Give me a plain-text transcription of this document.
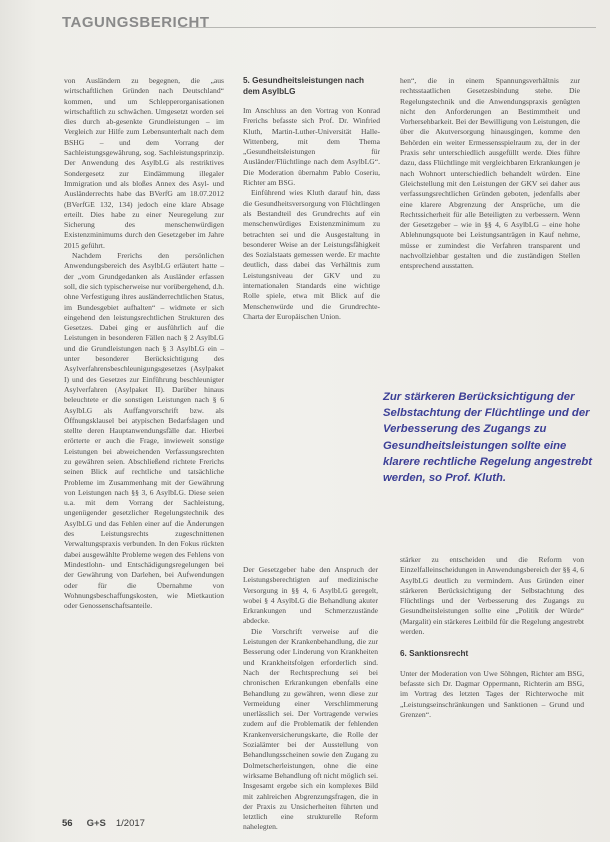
TAGUNGSBERICHT

von Ausländern zu begegnen, die „aus wirtschaftlichen Gründen nach Deutschland“ kommen, und um Schlepperorganisationen wirtschaftlich zu schwächen. Umgesetzt worden sei dies durch ab-gesenkte Grundleistungen – im Vergleich zur Hilfe zum Lebensunterhalt nach dem BSHG – und dem Vorrang der Sachleistungsgewährung, sog. Sachleistungsprinzip. Der Anwendung des AsylbLG als restriktives Sondergesetz zur Eindämmung illegaler Immigration und als bloßes Annex des Asyl- und Ausländerrechts habe das BVerfG am 18.07.2012 (BVerfGE 132, 134) jedoch eine klare Absage erteilt. Dies habe zu einer Neuregelung zur Sicherung des menschenwürdigen Existenzminimums durch den Gesetzgeber im Jahre 2015 geführt.

Nachdem Frerichs den persönlichen Anwendungsbereich des AsylbLG erläutert hatte – der „vom Grundgedanken als Ausländer erfassen soll, die sich typischerweise nur vorübergehend, d.h. ohne Verfestigung ihres ausländerrechtlichen Status, im Bundesgebiet aufhalten“ – widmete er sich eingehend den leistungsrechtlichen Strukturen des Gesetzes. Dabei ging er ausführlich auf die Leistungen in besonderen Fällen nach § 2 AsylbLG und die Grundleistungen nach § 3 AsylbLG ein – unter besonderer Berücksichtigung des Asylverfahrensbeschleunigungsgesetzes (Asylpaket I) und des Gesetzes zur Einführung beschleunigter Asylverfahren (Asylpaket II). Darüber hinaus beleuchtete er die sonstigen Leistungen nach § 6 AsylbLG als Auffangvorschrift bzw. als Öffnungsklausel bei atypischen Bedarfslagen und stellte deren Hauptanwendungsfälle dar. Hierbei erörterte er auch die Frage, inwieweit sonstige Leistungen bei abweichenden Verfassungsrechten zu gewähren seien. Abschließend richtete Frerichs seinen Blick auf rechtliche und tatsächliche Probleme im Zusammenhang mit der Gewährung von Leistungen nach §§ 3, 6 AsylbLG. Diese seien u.a. mit dem Vorrang der Sachleistung, ungenügender gesetzlicher Regelungstechnik des AsylbLG und das Fehlen einer auf die Änderungen des Leistungsrechts zugeschnittenen Verwaltungspraxis verbunden. In den Fokus rückten dabei ausgewählte Probleme wegen des Fehlens von Mindestlohn- und Entschädigungsregelungen bei der Gewährung von Darlehen, bei Aufwendungen oder für die Übernahme von Wohnungsbeschaffungskosten, wie Mietkaution oder Genossenschaftsanteile.

5. Gesundheitsleistungen nach dem AsylbLG

Im Anschluss an den Vortrag von Konrad Frerichs befasste sich Prof. Dr. Winfried Kluth, Martin-Luther-Universität Halle-Wittenberg, mit dem Thema „Gesundheitsleistungen für Ausländer/Flüchtlinge nach dem AsylbLG“. Die Moderation übernahm Pablo Coseriu, Richter am BSG.

Einführend wies Kluth darauf hin, dass die Gesundheitsversorgung von Flüchtlingen als Bestandteil des Grundrechts auf ein menschenwürdiges Existenzminimum zu betrachten sei und die Ausgestaltung in besonderer Weise an der Leistungsfähigkeit des Sozialstaats gemessen werde. Er machte deutlich, dass dabei das Verhältnis zum Leistungsniveau der GKV und zu internationalen Standards eine wichtige Rolle spiele, etwa mit Blick auf die Menschenwürde und die Grundrechte-Charta der Europäischen Union.

Der Gesetzgeber habe den Anspruch der Leistungsberechtigten auf medizinische Versorgung in §§ 4, 6 AsylbLG geregelt, wobei § 4 AsylbLG die Behandlung akuter Erkrankungen und Schmerzzustände abdecke.

Die Vorschrift verweise auf die Leistungen der Krankenbehandlung, die zur Besserung oder Linderung von Krankheiten und Krankheitsfolgen erforderlich sind. Nach der Rechtsprechung sei bei chronischen Erkrankungen ebenfalls eine Behandlung zu gewähren, wenn diese zur Vermeidung einer Verschlimmerung unerlässlich sei. Der Vortragende verwies zudem auf die Problematik der fehlenden Krankenversicherungskarte, die Rolle der Sozialämter bei der Ausstellung von Behandlungsscheinen sowie den Zugang zu Dolmetscherleistungen, ohne die eine wirksame Behandlung oft nicht möglich sei. Insgesamt ergebe sich ein komplexes Bild mit zahlreichen Abgrenzungsfragen, die in der Praxis zu Unsicherheiten führten und letztlich eine strukturelle Reform nahelegten.

hen“, die in einem Spannungsverhältnis zur rechtsstaatlichen Gesetzesbindung stehe. Die Regelungstechnik und die Anwendungspraxis genügten nicht den Anforderungen an Bestimmtheit und Vorhersehbarkeit. Bei der Bewilligung von Leistungen, die über die Akutversorgung hinausgingen, komme den Behörden ein weiter Ermessensspielraum zu, der in der Praxis sehr unterschiedlich ausgefüllt werde. Dies führe dazu, dass Flüchtlinge mit vergleichbaren Erkrankungen je nach Wohnort unterschiedlich behandelt würden. Eine Gleichstellung mit den Leistungen der GKV sei daher aus verfassungsrechtlichen Gründen geboten, jedenfalls aber eine klarere Abgrenzung der Ansprüche, um die Rechtssicherheit für alle Beteiligten zu verbessern. Wenn der Gesetzgeber – wie in §§ 4, 6 AsylbLG – eine hohe Ablehnungsquote bei Leistungsanträgen in Kauf nehme, müsse er zumindest die Verfahren transparent und nachvollziehbar gestalten und die zuständigen Stellen entsprechend ausstatten.

Zur stärkeren Berücksichtigung der Selbstachtung der Flüchtlinge und der Verbesserung des Zugangs zu Gesundheitsleistungen sollte eine klarere rechtliche Regelung angestrebt werden, so Prof. Kluth.

stärker zu entscheiden und die Reform von Einzelfalleinscheidungen in Anwendungsbereich der §§ 4, 6 AsylbLG deutlich zu vermindern. Aus Gründen einer stärkeren Berücksichtigung der Selbstachtung des Flüchtlings und der Verbesserung des Zugangs zu Gesundheitsleistungen sollte eine „Politik der Würde“ (Margalit) ein stärkeres Leitbild für die Regelung angestrebt werden.

6. Sanktionsrecht

Unter der Moderation von Uwe Söhngen, Richter am BSG, befasste sich Dr. Dagmar Oppermann, Richterin am BSG, im Vortrag des letzten Tages der Richterwoche mit „Leistungseinschränkungen und Sanktionen – Grund und Grenzen“.

56 G+S 1/2017
